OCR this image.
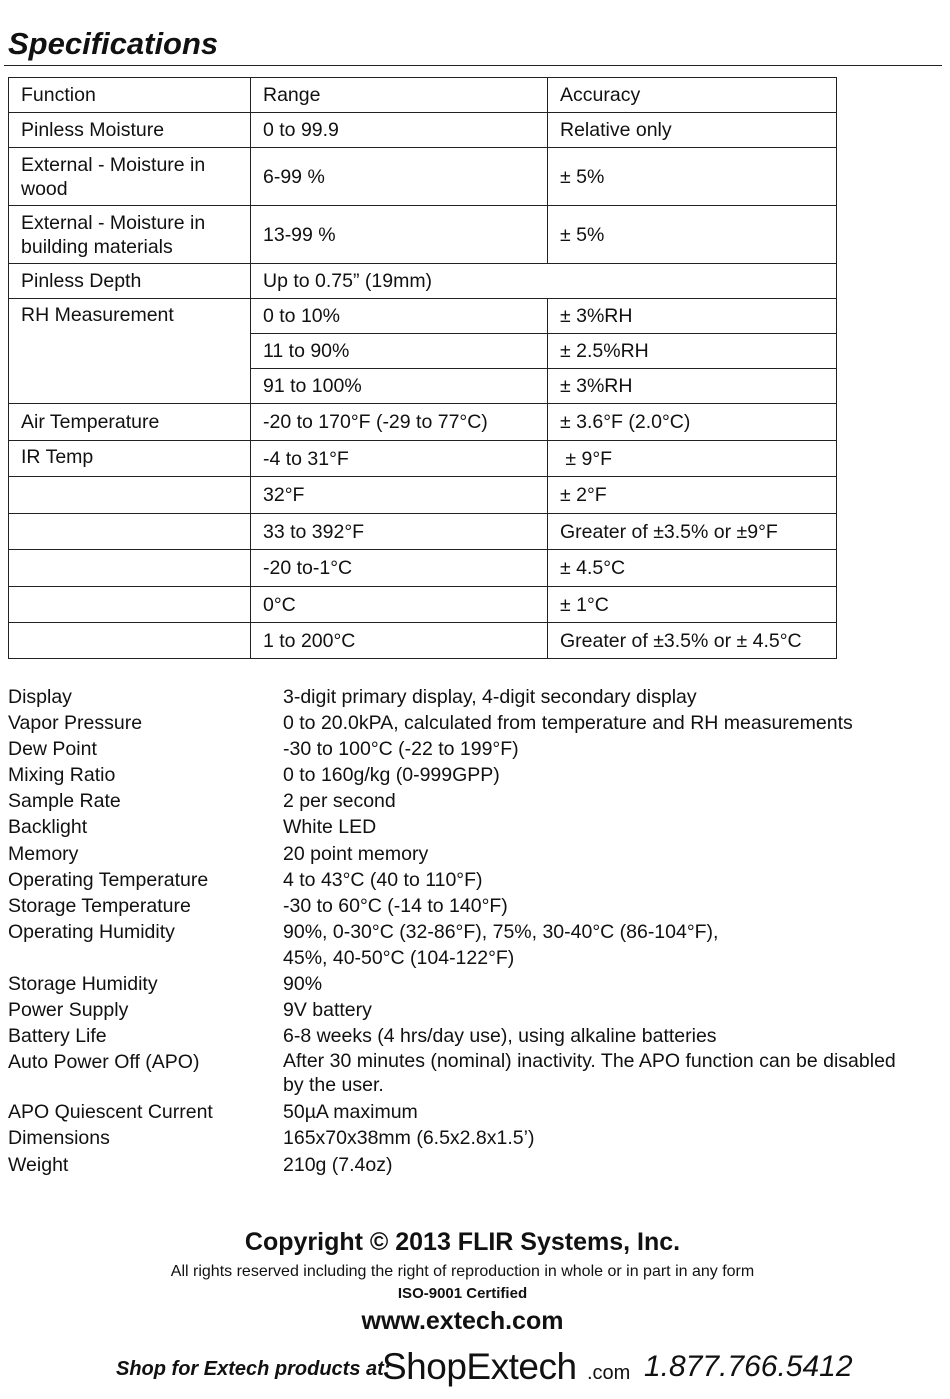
Specifications
Function	Range	Accuracy
Pinless Moisture	0 to 99.9	Relative only
External - Moisture in wood	6-99 %	± 5%
External - Moisture in building materials	13-99 %	± 5%
Pinless Depth	Up to 0.75” (19mm)	
RH Measurement	0 to 10%	± 3%RH
	11 to 90%	± 2.5%RH
	91 to 100%	± 3%RH
Air Temperature	-20 to 170°F (-29 to 77°C)	± 3.6°F (2.0°C)
IR Temp	-4 to 31°F	± 9°F
	32°F	± 2°F
	33 to 392°F	Greater of ±3.5% or ±9°F
	-20 to-1°C	± 4.5°C
	0°C	± 1°C
	1 to 200°C	Greater of ±3.5% or ± 4.5°C
Display	3-digit primary display, 4-digit secondary display
Vapor Pressure	0 to 20.0kPA, calculated from temperature and RH measurements
Dew Point	-30 to 100°C (-22 to 199°F)
Mixing Ratio	0 to 160g/kg (0-999GPP)
Sample Rate	2 per second
Backlight	White LED
Memory	20 point memory
Operating Temperature	4 to 43°C (40 to 110°F)
Storage Temperature	-30 to 60°C (-14 to 140°F)
Operating Humidity	90%, 0-30°C (32-86°F), 75%, 30-40°C (86-104°F),
45%, 40-50°C (104-122°F)
Storage Humidity	90%
Power Supply	9V battery
Battery Life	6-8 weeks (4 hrs/day use), using alkaline batteries
Auto Power Off (APO)	After 30 minutes (nominal) inactivity. The APO function can be disabled
by the user.
APO Quiescent Current	50µA maximum
Dimensions	165x70x38mm (6.5x2.8x1.5’)
Weight	210g (7.4oz)
Copyright © 2013 FLIR Systems, Inc.
All rights reserved including the right of reproduction in whole or in part in any form
ISO-9001 Certified
www.extech.com
Shop for Extech products at:
ShopExtech .com 1.877.766.5412
